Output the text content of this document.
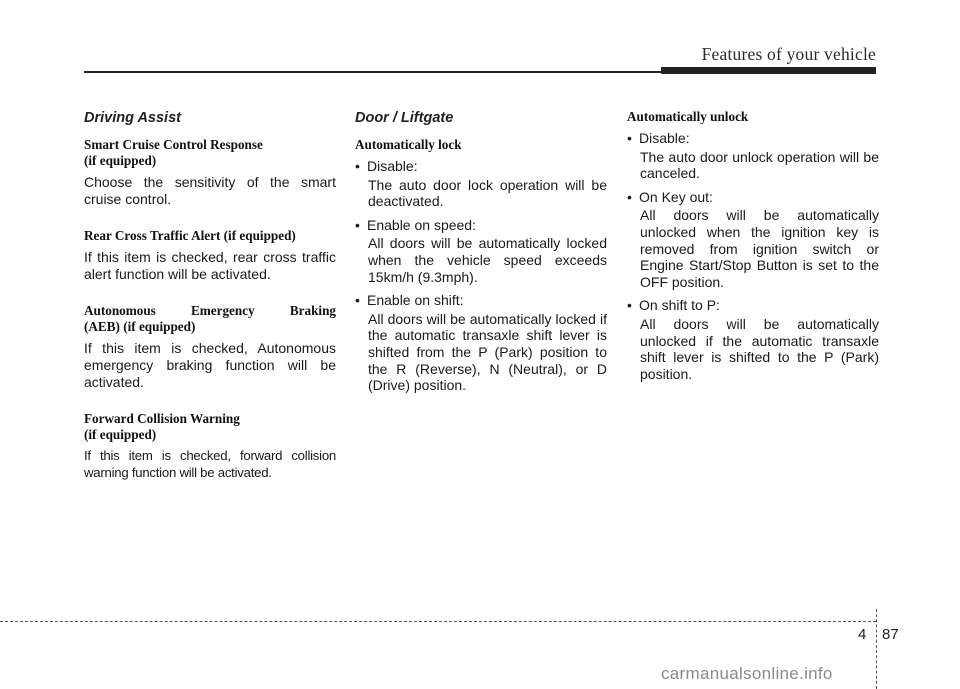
Features of your vehicle
Driving Assist
Smart Cruise Control Response
(if equipped)
Choose the sensitivity of the smart cruise control.
Rear Cross Traffic Alert (if equipped)
If this item is checked, rear cross traffic alert function will be activated.
Autonomous Emergency Braking
(AEB) (if equipped)
If this item is checked, Autonomous emergency braking function will be activated.
Forward Collision Warning
(if equipped)
If this item is checked, forward collision warning function will be activated.
Door / Liftgate
Automatically lock
• Disable:
The auto door lock operation will be deactivated.
• Enable on speed:
All doors will be automatically locked when the vehicle speed exceeds 15km/h (9.3mph).
• Enable on shift:
All doors will be automatically locked if the automatic transaxle shift lever is shifted from the P (Park) position to the R (Reverse), N (Neutral), or D (Drive) position.
Automatically unlock
• Disable:
The auto door unlock operation will be canceled.
• On Key out:
All doors will be automatically unlocked when the ignition key is removed from ignition switch or Engine Start/Stop Button is set to the OFF position.
• On shift to P:
All doors will be automatically unlocked if the automatic transaxle shift lever is shifted to the P (Park) position.
4 87
carmanualsonline.info
